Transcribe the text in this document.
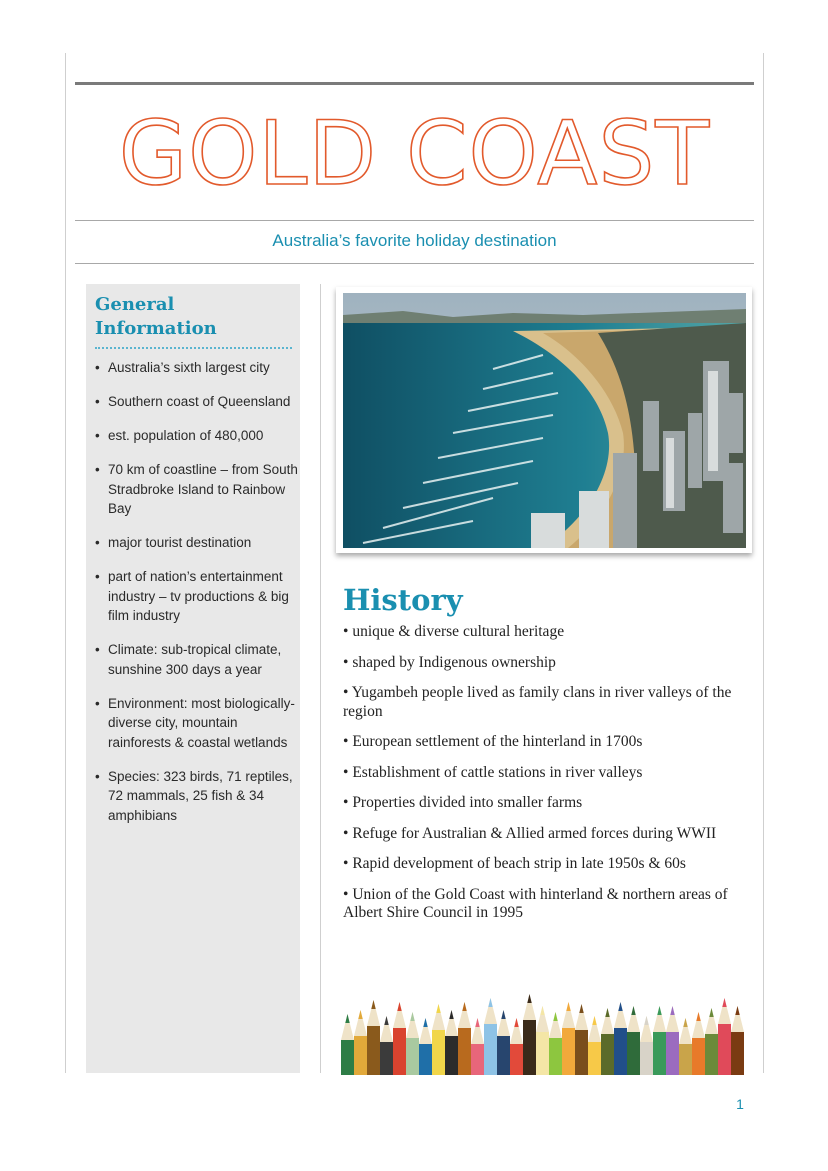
GOLD COAST

Australia’s favorite holiday destination

General
Information
• Australia’s sixth largest city
• Southern coast of Queensland
• est. population of 480,000
• 70 km of coastline – from South Stradbroke Island to Rainbow Bay
• major tourist destination
• part of nation’s entertainment industry – tv productions & big film industry
• Climate: sub-tropical climate, sunshine 300 days a year
• Environment: most biologically-diverse city, mountain rainforests & coastal wetlands
• Species: 323 birds, 71 reptiles, 72 mammals, 25 fish & 34 amphibians
History
• unique & diverse cultural heritage
• shaped by Indigenous ownership
• Yugambeh people lived as family clans in river valleys of the region
• European settlement of the hinterland in 1700s
• Establishment of cattle stations in river valleys
• Properties divided into smaller farms
• Refuge for Australian & Allied armed forces during WWII
• Rapid development of beach strip in late 1950s & 60s
• Union of the Gold Coast with hinterland & northern areas of Albert Shire Council in 1995

1
